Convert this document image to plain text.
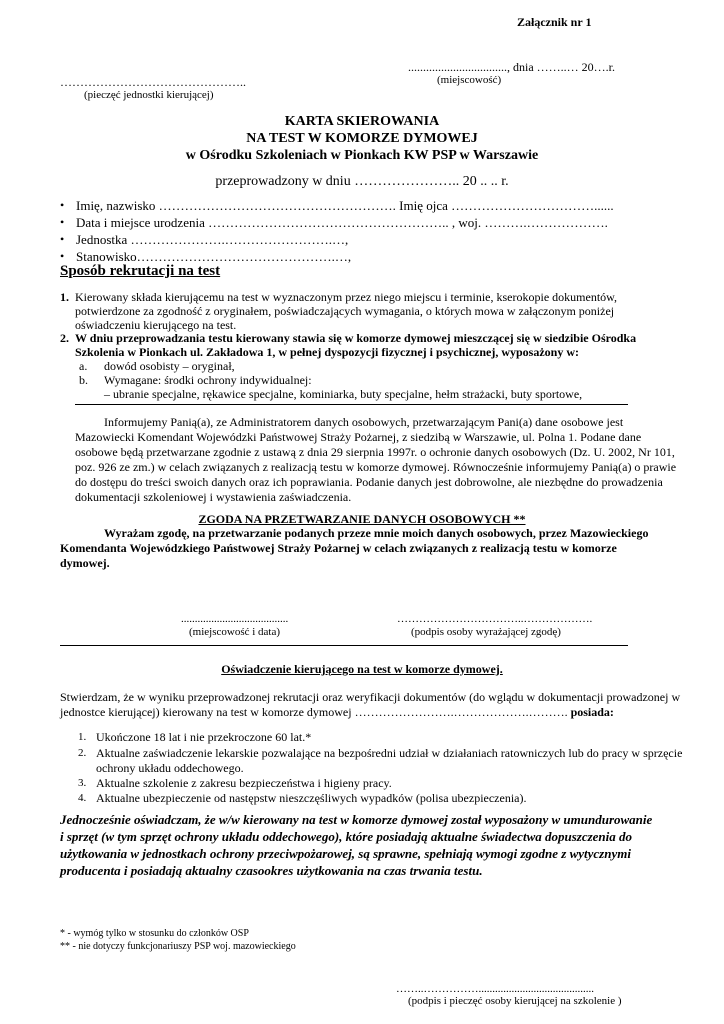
Załącznik nr 1
................................., dnia ……..… 20….r.
(miejscowość)
………………………………………..
(pieczęć jednostki kierującej)
KARTA SKIEROWANIA
NA TEST W KOMORZE DYMOWEJ
w Ośrodku Szkoleniach w Pionkach KW PSP w Warszawie
przeprowadzony w dniu ………………….. 20 .. .. r.
• Imię, nazwisko ………………………………………………. Imię ojca ……………………………......
• Data i miejsce urodzenia ……………………………………………….. , woj. ……….……………….
• Jednostka ………………….…………………….…,
• Stanowisko……………………………………….…,
Sposób rekrutacji na test
1. Kierowany składa kierującemu na test w wyznaczonym przez niego miejscu i terminie, kserokopie dokumentów,
potwierdzone za zgodność z oryginałem, poświadczających wymagania, o których mowa w załączonym poniżej
oświadczeniu kierującego na test.
2. W dniu przeprowadzania testu kierowany stawia się w komorze dymowej mieszczącej się w siedzibie Ośrodka
Szkolenia w Pionkach ul. Zakładowa 1, w pełnej dyspozycji fizycznej i psychicznej, wyposażony w:
a. dowód osobisty – oryginał,
b. Wymagane: środki ochrony indywidualnej:
– ubranie specjalne, rękawice specjalne, kominiarka, buty specjalne, hełm strażacki, buty sportowe,
Informujemy Panią(a), ze Administratorem danych osobowych, przetwarzającym Pani(a) dane osobowe jest
Mazowiecki Komendant Wojewódzki Państwowej Straży Pożarnej, z siedzibą w Warszawie, ul. Polna 1. Podane dane
osobowe będą przetwarzane zgodnie z ustawą z dnia 29 sierpnia 1997r. o ochronie danych osobowych (Dz. U. 2002, Nr 101,
poz. 926 ze zm.) w celach związanych z realizacją testu w komorze dymowej. Równocześnie informujemy Panią(a) o prawie
do dostępu do treści swoich danych oraz ich poprawiania. Podanie danych jest dobrowolne, ale niezbędne do prowadzenia
dokumentacji szkoleniowej i wystawienia zaświadczenia.
ZGODA NA PRZETWARZANIE DANYCH OSOBOWYCH **
Wyrażam zgodę, na przetwarzanie podanych przeze mnie moich danych osobowych, przez Mazowieckiego
Komendanta Wojewódzkiego Państwowej Straży Pożarnej w celach związanych z realizacją testu w komorze
dymowej.
.......................................
(miejscowość i data)
……………………………..……………….
(podpis osoby wyrażającej zgodę)
Oświadczenie kierującego na test w komorze dymowej.
Stwierdzam, że w wyniku przeprowadzonej rekrutacji oraz weryfikacji dokumentów (do wglądu w dokumentacji prowadzonej w
jednostce kierującej) kierowany na test w komorze dymowej …………………….……………….………. posiada:
1. Ukończone 18 lat i nie przekroczone 60 lat.*
2. Aktualne zaświadczenie lekarskie pozwalające na bezpośredni udział w działaniach ratowniczych lub do pracy w sprzęcie
ochrony układu oddechowego.
3. Aktualne szkolenie z zakresu bezpieczeństwa i higieny pracy.
4. Aktualne ubezpieczenie od następstw nieszczęśliwych wypadków (polisa ubezpieczenia).
Jednocześnie oświadczam, że w/w kierowany na test w komorze dymowej został wyposażony w umundurowanie
i sprzęt (w tym sprzęt ochrony układu oddechowego), które posiadają aktualne świadectwa dopuszczenia do
użytkowania w jednostkach ochrony przeciwpożarowej, są sprawne, spełniają wymogi zgodne z wytycznymi
producenta i posiadają aktualny czasookres użytkowania na czas trwania testu.
* - wymóg tylko w stosunku do członków OSP
** - nie dotyczy funkcjonariuszy PSP woj. mazowieckiego
……..……………..........................................
(podpis i pieczęć osoby kierującej na szkolenie )
